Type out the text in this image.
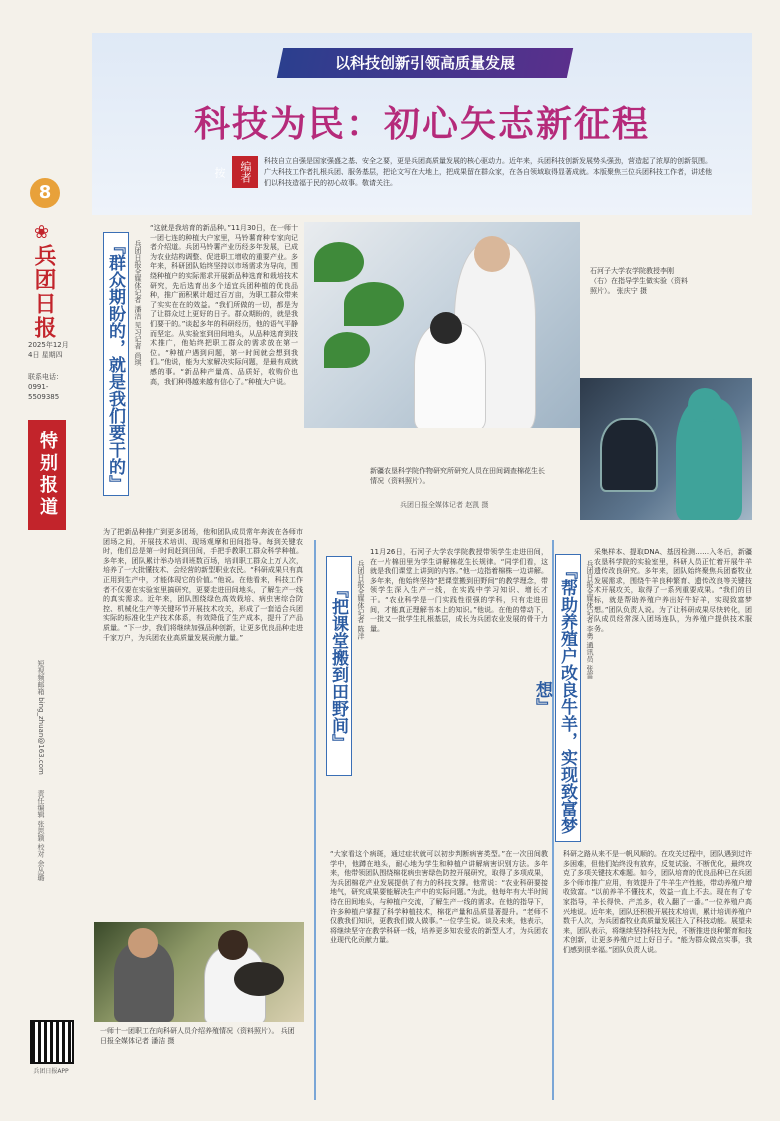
8
❀
兵团日报
2025年12月4日 星期四
联系电话：
0991-5509385
特别报道
短视频邮箱 bing_zhuan@163.com
责任编辑 张思颖 校对 余丛璐
兵团日报APP
以科技创新引领高质量发展
科技为民：初心矢志新征程
编者按
科技自立自强是国家强盛之基、安全之要，更是兵团高质量发展的核心驱动力。近年来，兵团科技创新发展势头强劲，营造起了浓厚的创新氛围。广大科技工作者扎根兵团、服务基层，把论文写在大地上，把成果留在群众家，在各自领域取得显著成就。本版聚焦三位兵团科技工作者，讲述他们以科技造福于民的初心故事。敬请关注。
『群众期盼的，就是我们要干的』	兵团日报全媒体记者 潘洁 见习记者 尚琪
“这就是我培育的新品种。”11月30日，在一师十一团七连的种植大户家里，马铃薯育种专家向记者介绍道。兵团马铃薯产业历经多年发展，已成为农业结构调整、促进职工增收的重要产业。多年来，科研团队始终坚持以市场需求为导向，围绕种植户的实际需求开展新品种选育和栽培技术研究，先后选育出多个适宜兵团种植的优良品种，推广面积累计超过百万亩，为职工群众带来了实实在在的效益。“我们所做的一切，都是为了让群众过上更好的日子。群众期盼的，就是我们要干的。”谈起多年的科研经历，他的语气平静而坚定。从实验室到田间地头，从品种选育到技术推广，他始终把职工群众的需求放在第一位。“种植户遇到问题，第一时间就会想到我们。”他说，能为大家解决实际问题，是最有成就感的事。“新品种产量高、品质好，收购价也高，我们种得越来越有信心了。”种植大户说。
为了把新品种推广到更多团场，他和团队成员常年奔波在各师市团场之间，开展技术培训、现场观摩和田间指导。每到关键农时，他们总是第一时间赶到田间，手把手教职工群众科学种植。多年来，团队累计举办培训班数百场，培训职工群众上万人次，培养了一大批懂技术、会经营的新型职业农民。“科研成果只有真正用到生产中，才能体现它的价值。”他说。在他看来，科技工作者不仅要在实验室里搞研究，更要走进田间地头，了解生产一线的真实需求。近年来，团队围绕绿色高效栽培、病虫害综合防控、机械化生产等关键环节开展技术攻关，形成了一套适合兵团实际的标准化生产技术体系，有效降低了生产成本，提升了产品质量。“下一步，我们将继续加强品种创新，让更多优良品种走进千家万户，为兵团农业高质量发展贡献力量。”
石河子大学农学院教授李刚（右）在指导学生做实验（资料照片）。 张庆宁 摄
新疆农垦科学院作物研究所研究人员在田间调查棉花生长情况（资料照片）。
兵团日报全媒体记者 赵凯 摄
『把课堂搬到田野间』	兵团日报全媒体记者 陈洋
11月26日，石河子大学农学院教授带领学生走进田间，在一片棉田里为学生讲解棉花生长规律。“同学们看，这就是我们课堂上讲到的内容。”他一边指着棉株一边讲解。多年来，他始终坚持“把课堂搬到田野间”的教学理念，带领学生深入生产一线，在实践中学习知识、增长才干。“农业科学是一门实践性很强的学科，只有走进田间，才能真正理解书本上的知识。”他说。在他的带动下，一批又一批学生扎根基层，成长为兵团农业发展的骨干力量。
“大家看这个病斑，通过症状就可以初步判断病害类型。”在一次田间教学中，他蹲在地头，耐心地为学生和种植户讲解病害识别方法。多年来，他带领团队围绕棉花病虫害绿色防控开展研究，取得了多项成果，为兵团棉花产业发展提供了有力的科技支撑。他常说：“农业科研要接地气，研究成果要能解决生产中的实际问题。”为此，他每年有大半时间待在田间地头，与种植户交流，了解生产一线的需求。在他的指导下，许多种植户掌握了科学种植技术，棉花产量和品质显著提升。“老师不仅教我们知识，更教我们做人做事。”一位学生说。谈及未来，他表示，将继续坚守在教学科研一线，培养更多知农爱农的新型人才，为兵团农业现代化贡献力量。
『帮助养殖户改良牛羊，实现致富梦想』
兵团日报全媒体记者 李勇 通讯员 张雷
采集样本、提取DNA、基因检测……入冬后，新疆农垦科学院的实验室里，科研人员正忙着开展牛羊遗传改良研究。多年来，团队始终聚焦兵团畜牧业发展需求，围绕牛羊良种繁育、遗传改良等关键技术开展攻关，取得了一系列重要成果。“我们的目标，就是帮助养殖户养出好牛好羊，实现致富梦想。”团队负责人说。为了让科研成果尽快转化，团队成员经常深入团场连队，为养殖户提供技术服务。
科研之路从来不是一帆风顺的。在攻关过程中，团队遇到过许多困难，但他们始终没有放弃，反复试验、不断优化，最终攻克了多项关键技术难题。如今，团队培育的优良品种已在兵团多个师市推广应用，有效提升了牛羊生产性能，带动养殖户增收致富。“以前养羊不懂技术，效益一直上不去。现在有了专家指导，羊长得快、产羔多，收入翻了一番。”一位养殖户高兴地说。近年来，团队还积极开展技术培训，累计培训养殖户数千人次，为兵团畜牧业高质量发展注入了科技动能。展望未来，团队表示，将继续坚持科技为民，不断推进良种繁育和技术创新，让更多养殖户过上好日子。“能为群众做点实事，我们感到很幸福。”团队负责人说。
一师十一团职工在向科研人员介绍养殖情况（资料照片）。 兵团日报全媒体记者 潘洁 摄
